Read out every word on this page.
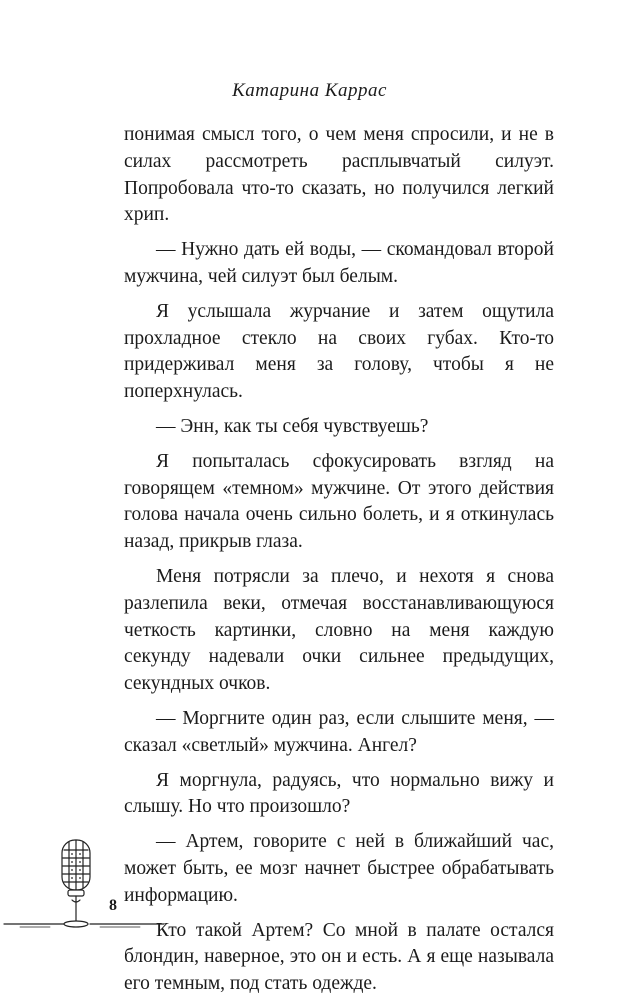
Катарина Каррас

понимая смысл того, о чем меня спросили, и не в силах рассмотреть расплывчатый силуэт. Попробовала что-то сказать, но получился легкий хрип.

— Нужно дать ей воды, — скомандовал второй мужчина, чей силуэт был белым.

Я услышала журчание и затем ощутила прохладное стекло на своих губах. Кто-то придерживал меня за голову, чтобы я не поперхнулась.

— Энн, как ты себя чувствуешь?

Я попыталась сфокусировать взгляд на говорящем «темном» мужчине. От этого действия голова начала очень сильно болеть, и я откинулась назад, прикрыв глаза.

Меня потрясли за плечо, и нехотя я снова разлепила веки, отмечая восстанавливающуюся четкость картинки, словно на меня каждую секунду надевали очки сильнее предыдущих, секундных очков.

— Моргните один раз, если слышите меня, — сказал «светлый» мужчина. Ангел?

Я моргнула, радуясь, что нормально вижу и слышу. Но что произошло?

— Артем, говорите с ней в ближайший час, может быть, ее мозг начнет быстрее обрабатывать информацию.

Кто такой Артем? Со мной в палате остался блондин, наверное, это он и есть. А я еще называла его темным, под стать одежде.

8
